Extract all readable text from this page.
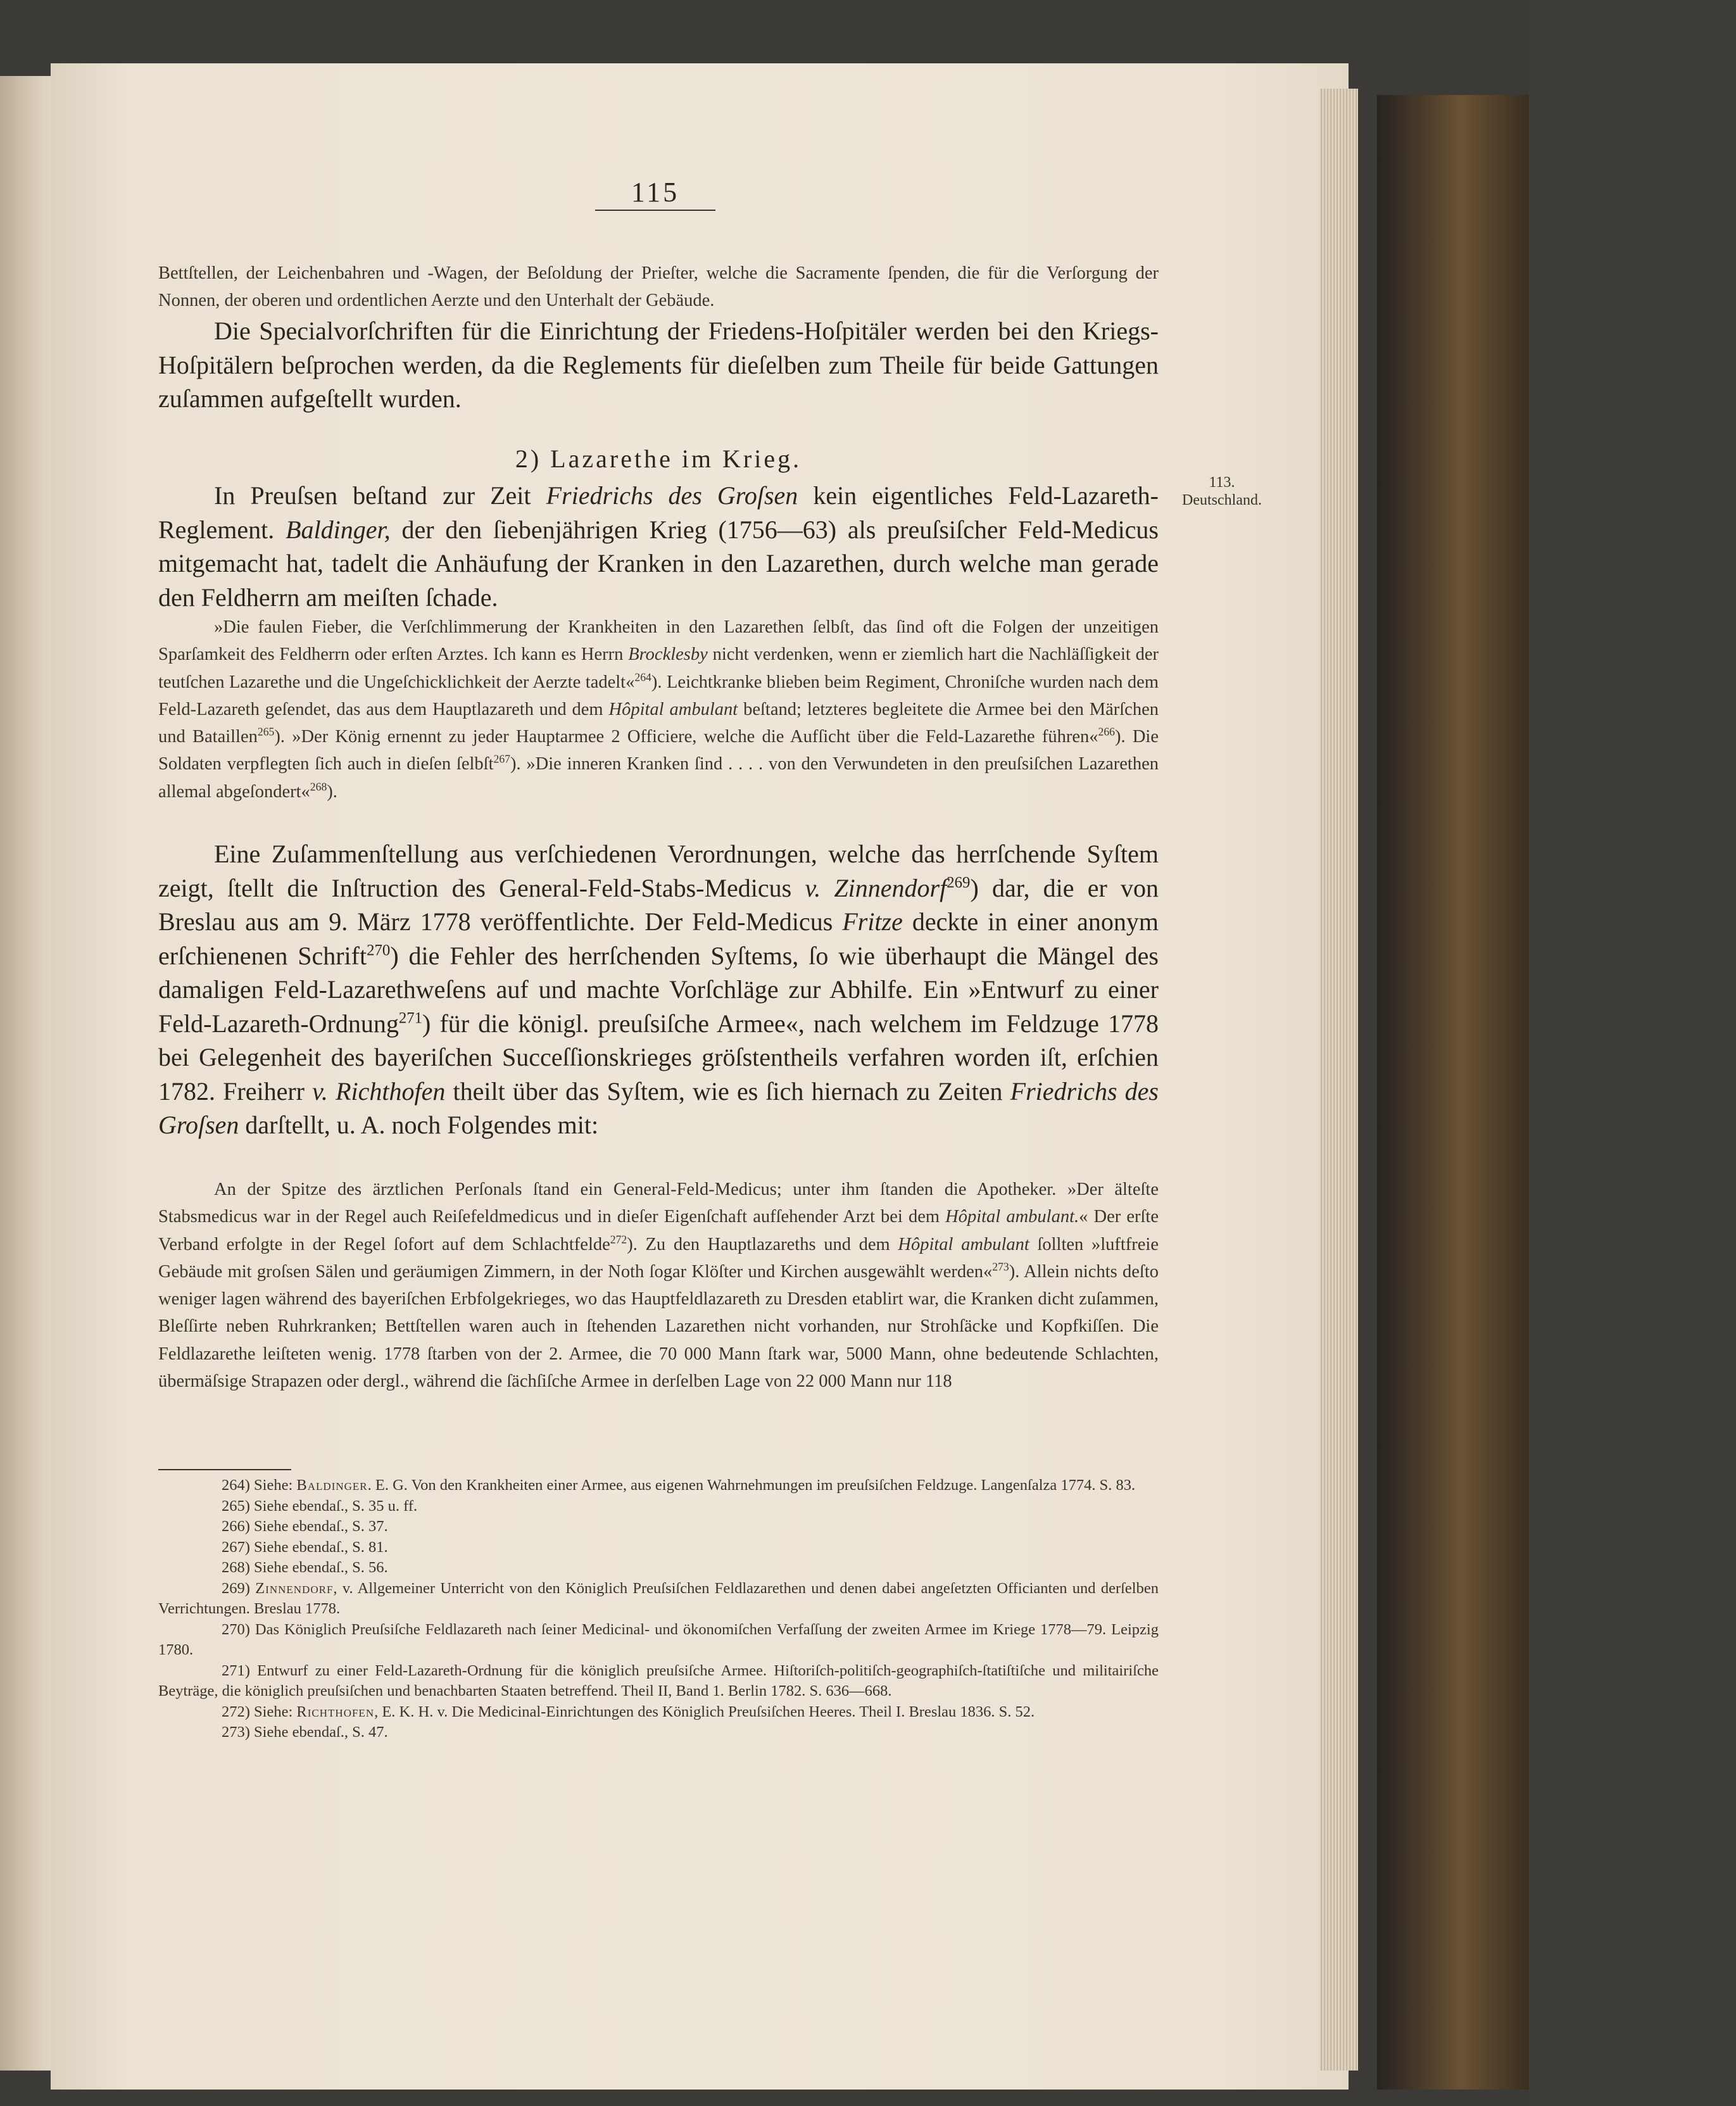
115
113.
Deutschland.

Bettſtellen, der Leichenbahren und -Wagen, der Beſoldung der Prieſter, welche die Sacramente ſpenden, die für die Verſorgung der Nonnen, der oberen und ordentlichen Aerzte und den Unterhalt der Gebäude.

Die Specialvorſchriften für die Einrichtung der Friedens-Hoſpitäler werden bei den Kriegs-Hoſpitälern beſprochen werden, da die Reglements für dieſelben zum Theile für beide Gattungen zuſammen aufgeſtellt wurden.

2) Lazarethe im Krieg.

In Preuſsen beſtand zur Zeit Friedrichs des Groſsen kein eigentliches Feld-Lazareth-Reglement. Baldinger, der den ſiebenjährigen Krieg (1756—63) als preuſsiſcher Feld-Medicus mitgemacht hat, tadelt die Anhäufung der Kranken in den Lazarethen, durch welche man gerade den Feldherrn am meiſten ſchade.

»Die faulen Fieber, die Verſchlimmerung der Krankheiten in den Lazarethen ſelbſt, das ſind oft die Folgen der unzeitigen Sparſamkeit des Feldherrn oder erſten Arztes. Ich kann es Herrn Brocklesby nicht verdenken, wenn er ziemlich hart die Nachläſſigkeit der teutſchen Lazarethe und die Ungeſchicklichkeit der Aerzte tadelt«$^{264}$). Leichtkranke blieben beim Regiment, Chroniſche wurden nach dem Feld-Lazareth geſendet, das aus dem Hauptlazareth und dem Hôpital ambulant beſtand; letzteres begleitete die Armee bei den Märſchen und Bataillen$^{265}$). »Der König ernennt zu jeder Hauptarmee 2 Officiere, welche die Aufſicht über die Feld-Lazarethe führen«$^{266}$). Die Soldaten verpflegten ſich auch in dieſen ſelbſt$^{267}$). »Die inneren Kranken ſind . . . . von den Verwundeten in den preuſsiſchen Lazarethen allemal abgeſondert«$^{268}$).

Eine Zuſammenſtellung aus verſchiedenen Verordnungen, welche das herrſchende Syſtem zeigt, ſtellt die Inſtruction des General-Feld-Stabs-Medicus v. Zinnendorf$^{269}$) dar, die er von Breslau aus am 9. März 1778 veröffentlichte. Der Feld-Medicus Fritze deckte in einer anonym erſchienenen Schrift$^{270}$) die Fehler des herrſchenden Syſtems, ſo wie überhaupt die Mängel des damaligen Feld-Lazarethweſens auf und machte Vorſchläge zur Abhilfe. Ein »Entwurf zu einer Feld-Lazareth-Ordnung$^{271}$) für die königl. preuſsiſche Armee«, nach welchem im Feldzuge 1778 bei Gelegenheit des bayeriſchen Succeſſionskrieges gröſstentheils verfahren worden iſt, erſchien 1782. Freiherr v. Richthofen theilt über das Syſtem, wie es ſich hiernach zu Zeiten Friedrichs des Groſsen darſtellt, u. A. noch Folgendes mit:

An der Spitze des ärztlichen Perſonals ſtand ein General-Feld-Medicus; unter ihm ſtanden die Apotheker. »Der älteſte Stabsmedicus war in der Regel auch Reiſefeldmedicus und in dieſer Eigenſchaft aufſehender Arzt bei dem Hôpital ambulant.« Der erſte Verband erfolgte in der Regel ſofort auf dem Schlachtfelde$^{272}$). Zu den Hauptlazareths und dem Hôpital ambulant ſollten »luftfreie Gebäude mit groſsen Sälen und geräumigen Zimmern, in der Noth ſogar Klöſter und Kirchen ausgewählt werden«$^{273}$). Allein nichts deſto weniger lagen während des bayeriſchen Erbfolgekrieges, wo das Hauptfeldlazareth zu Dresden etablirt war, die Kranken dicht zuſammen, Bleſſirte neben Ruhrkranken; Bettſtellen waren auch in ſtehenden Lazarethen nicht vorhanden, nur Strohſäcke und Kopfkiſſen. Die Feldlazarethe leiſteten wenig. 1778 ſtarben von der 2. Armee, die 70 000 Mann ſtark war, 5000 Mann, ohne bedeutende Schlachten, übermäſsige Strapazen oder dergl., während die ſächſiſche Armee in derſelben Lage von 22 000 Mann nur 118

264) Siehe: Baldinger. E. G. Von den Krankheiten einer Armee, aus eigenen Wahrnehmungen im preuſsiſchen Feldzuge. Langenſalza 1774. S. 83.

265) Siehe ebendaſ., S. 35 u. ff.

266) Siehe ebendaſ., S. 37.

267) Siehe ebendaſ., S. 81.

268) Siehe ebendaſ., S. 56.

269) Zinnendorf, v. Allgemeiner Unterricht von den Königlich Preuſsiſchen Feldlazarethen und denen dabei angeſetzten Officianten und derſelben Verrichtungen. Breslau 1778.

270) Das Königlich Preuſsiſche Feldlazareth nach ſeiner Medicinal- und ökonomiſchen Verfaſſung der zweiten Armee im Kriege 1778—79. Leipzig 1780.

271) Entwurf zu einer Feld-Lazareth-Ordnung für die königlich preuſsiſche Armee. Hiſtoriſch-politiſch-geographiſch-ſtatiſtiſche und militairiſche Beyträge, die königlich preuſsiſchen und benachbarten Staaten betreffend. Theil II, Band 1. Berlin 1782. S. 636—668.

272) Siehe: Richthofen, E. K. H. v. Die Medicinal-Einrichtungen des Königlich Preuſsiſchen Heeres. Theil I. Breslau 1836. S. 52.

273) Siehe ebendaſ., S. 47.
